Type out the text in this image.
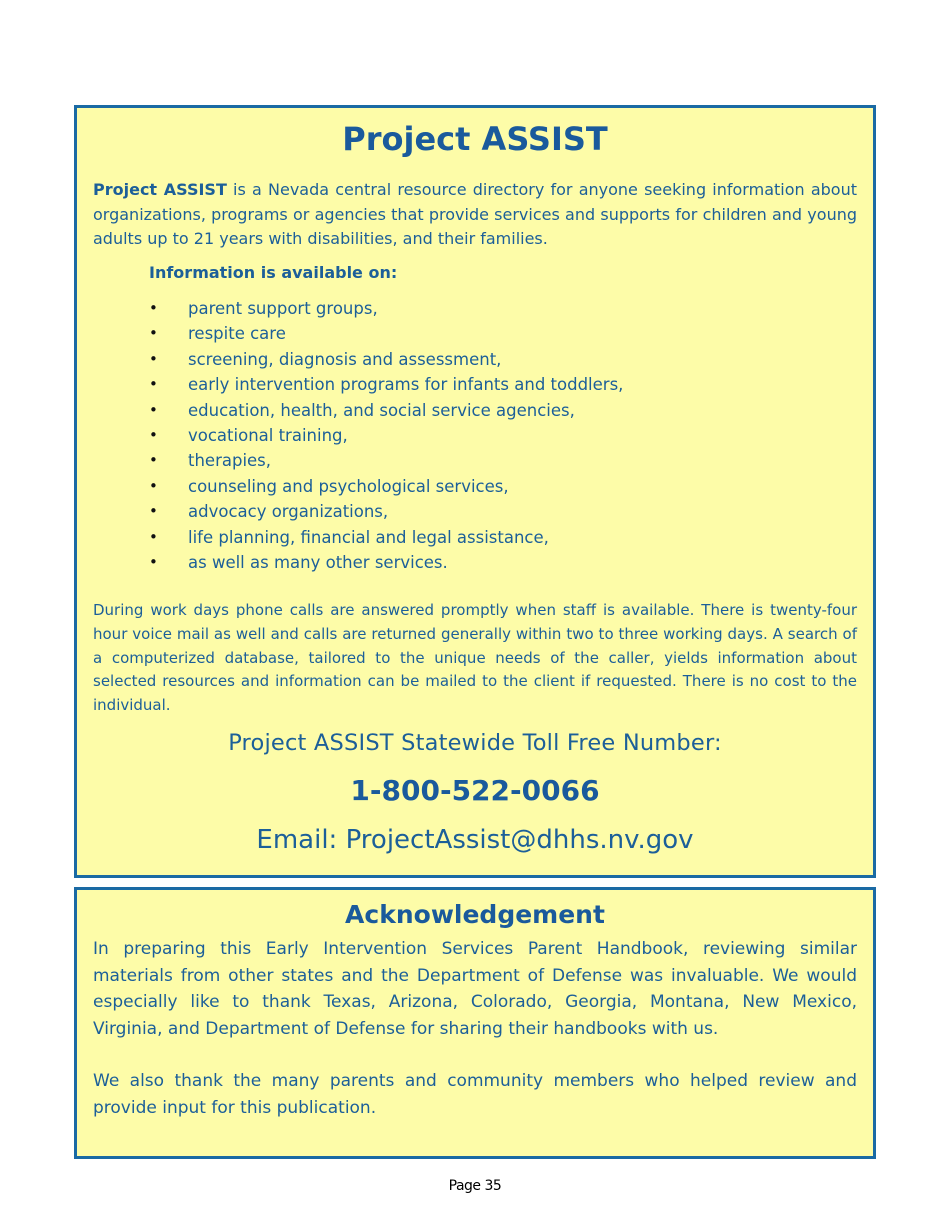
Project ASSIST

Project ASSIST is a Nevada central resource directory for anyone seeking information about organizations, programs or agencies that provide services and supports for children and young adults up to 21 years with disabilities, and their families.

Information is available on:
• parent support groups,
• respite care
• screening, diagnosis and assessment,
• early intervention programs for infants and toddlers,
• education, health, and social service agencies,
• vocational training,
• therapies,
• counseling and psychological services,
• advocacy organizations,
• life planning, financial and legal assistance,
• as well as many other services.

During work days phone calls are answered promptly when staff is available. There is twenty-four hour voice mail as well and calls are returned generally within two to three working days. A search of a computerized database, tailored to the unique needs of the caller, yields information about selected resources and information can be mailed to the client if requested. There is no cost to the individual.

Project ASSIST Statewide Toll Free Number:
1-800-522-0066
Email: ProjectAssist@dhhs.nv.gov
Acknowledgement

In preparing this Early Intervention Services Parent Handbook, reviewing similar materials from other states and the Department of Defense was invaluable. We would especially like to thank Texas, Arizona, Colorado, Georgia, Montana, New Mexico, Virginia, and Department of Defense for sharing their handbooks with us.

We also thank the many parents and community members who helped review and provide input for this publication.

Page 35
